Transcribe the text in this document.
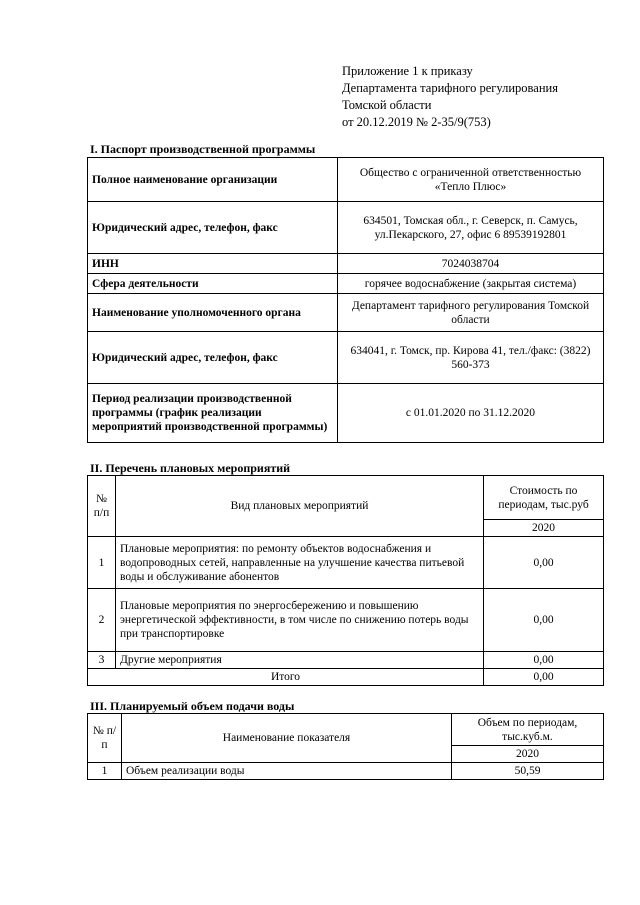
Приложение 1 к приказу
Департамента тарифного регулирования
Томской области
от 20.12.2019 № 2-35/9(753)
I. Паспорт производственной программы
Полное наименование организации	Общество с ограниченной ответственностью «Тепло Плюс»
Юридический адрес, телефон, факс	634501, Томская обл., г. Северск, п. Самусь, ул.Пекарского, 27, офис 6 89539192801
ИНН	7024038704
Сфера деятельности	горячее водоснабжение (закрытая система)
Наименование уполномоченного органа	Департамент тарифного регулирования Томской области
Юридический адрес, телефон, факс	634041, г. Томск, пр. Кирова 41, тел./факс: (3822) 560-373
Период реализации производственной программы (график реализации мероприятий производственной программы)	с 01.01.2020 по 31.12.2020
II. Перечень плановых мероприятий
№ п/п	Вид плановых мероприятий	Стоимость по периодам, тыс.руб
		2020
1	Плановые мероприятия: по ремонту объектов водоснабжения и водопроводных сетей, направленные на улучшение качества питьевой воды и обслуживание абонентов	0,00
2	Плановые мероприятия по энергосбережению и повышению энергетической эффективности, в том числе по снижению потерь воды при транспортировке	0,00
3	Другие мероприятия	0,00
Итого		0,00
III. Планируемый объем подачи воды
№ п/п	Наименование показателя	Объем по периодам, тыс.куб.м.
		2020
1	Объем реализации воды	50,59
